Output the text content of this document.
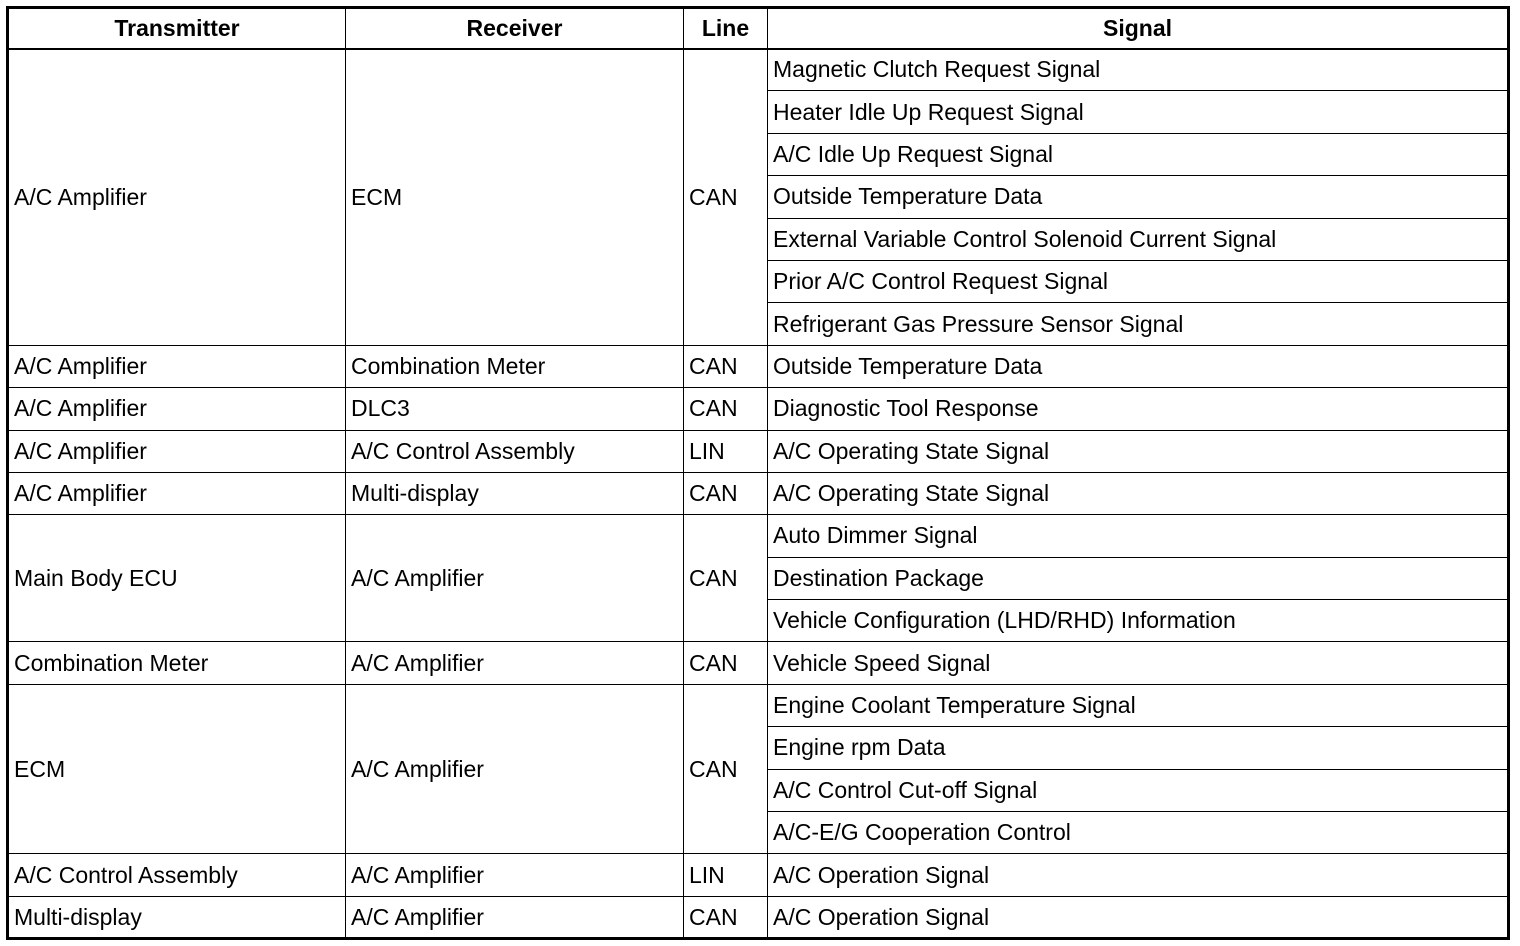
Transmitter	Receiver	Line	Signal
A/C Amplifier	ECM	CAN	Magnetic Clutch Request Signal
			Heater Idle Up Request Signal
			A/C Idle Up Request Signal
			Outside Temperature Data
			External Variable Control Solenoid Current Signal
			Prior A/C Control Request Signal
			Refrigerant Gas Pressure Sensor Signal
A/C Amplifier	Combination Meter	CAN	Outside Temperature Data
A/C Amplifier	DLC3	CAN	Diagnostic Tool Response
A/C Amplifier	A/C Control Assembly	LIN	A/C Operating State Signal
A/C Amplifier	Multi-display	CAN	A/C Operating State Signal
Main Body ECU	A/C Amplifier	CAN	Auto Dimmer Signal
			Destination Package
			Vehicle Configuration (LHD/RHD) Information
Combination Meter	A/C Amplifier	CAN	Vehicle Speed Signal
ECM	A/C Amplifier	CAN	Engine Coolant Temperature Signal
			Engine rpm Data
			A/C Control Cut-off Signal
			A/C-E/G Cooperation Control
A/C Control Assembly	A/C Amplifier	LIN	A/C Operation Signal
Multi-display	A/C Amplifier	CAN	A/C Operation Signal
